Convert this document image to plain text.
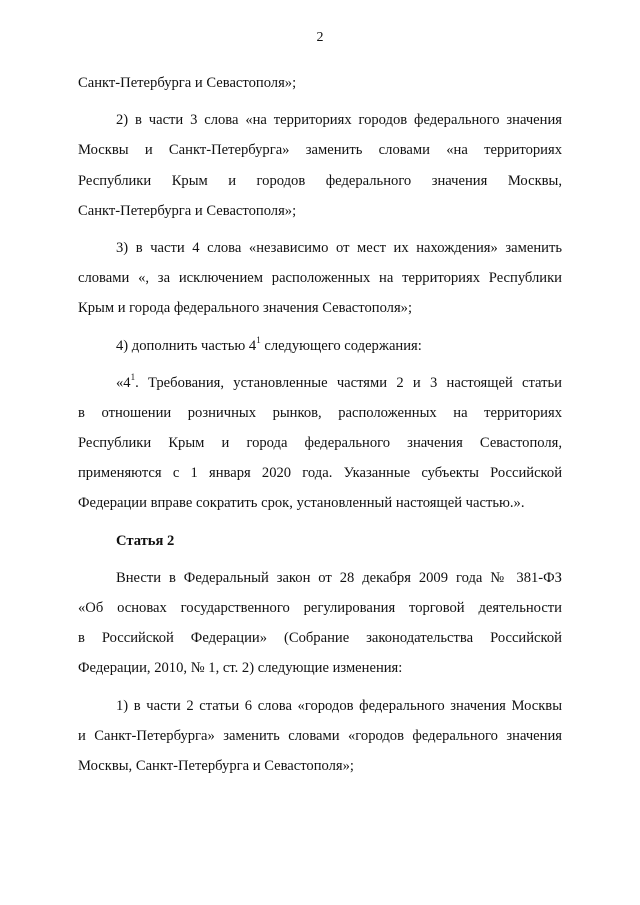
2
Санкт-Петербурга и Севастополя»;
2) в части 3 слова «на территориях городов федерального значения
Москвы и Санкт-Петербурга» заменить словами «на территориях
Республики Крым и городов федерального значения Москвы,
Санкт-Петербурга и Севастополя»;
3) в части 4 слова «независимо от мест их нахождения» заменить
словами «, за исключением расположенных на территориях Республики
Крым и города федерального значения Севастополя»;
4) дополнить частью $4^1$ следующего содержания:
«$4^1$. Требования, установленные частями 2 и 3 настоящей статьи
в отношении розничных рынков, расположенных на территориях
Республики Крым и города федерального значения Севастополя,
применяются с 1 января 2020 года. Указанные субъекты Российской
Федерации вправе сократить срок, установленный настоящей частью.».
Статья 2
Внести в Федеральный закон от 28 декабря 2009 года № 381-ФЗ
«Об основах государственного регулирования торговой деятельности
в Российской Федерации» (Собрание законодательства Российской
Федерации, 2010, № 1, ст. 2) следующие изменения:
1) в части 2 статьи 6 слова «городов федерального значения Москвы
и Санкт-Петербурга» заменить словами «городов федерального значения
Москвы, Санкт-Петербурга и Севастополя»;
